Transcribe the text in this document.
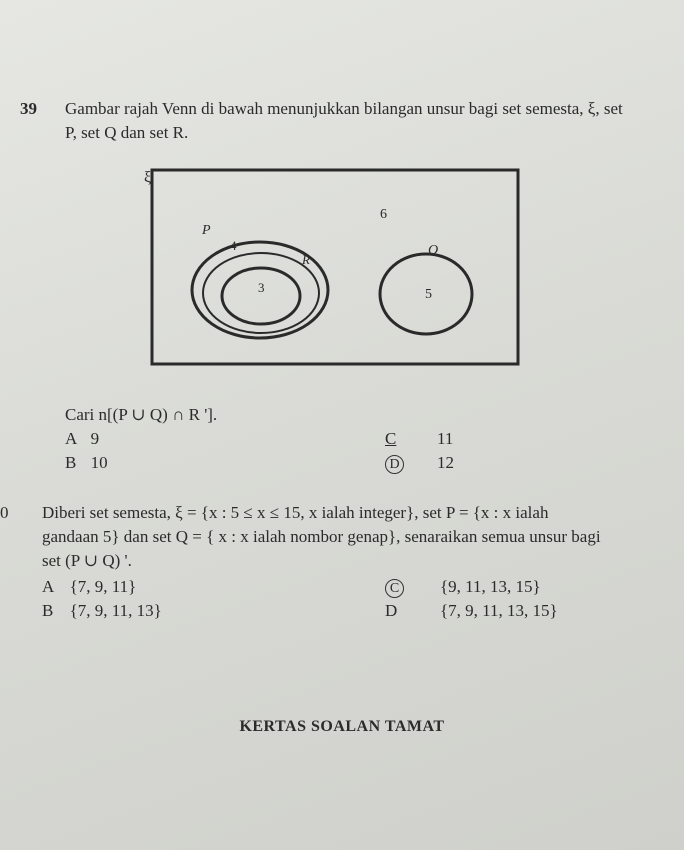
39 Gambar rajah Venn di bawah menunjukkan bilangan unsur bagi set semesta, ξ, set
P, set Q dan set R.
ξ
P
4
R
3
6
Q
5
Cari n[(P ∪ Q) ∩ R '].
A 9
B 10
C 11
D 12
0 Diberi set semesta, ξ = {x : 5 ≤ x ≤ 15, x ialah integer}, set P = {x : x ialah
gandaan 5} dan set Q = { x : x ialah nombor genap}, senaraikan semua unsur bagi
set (P ∪ Q) '.
A {7, 9, 11}
B {7, 9, 11, 13}
C {9, 11, 13, 15}
D	{7, 9, 11, 13, 15}
KERTAS SOALAN TAMAT
